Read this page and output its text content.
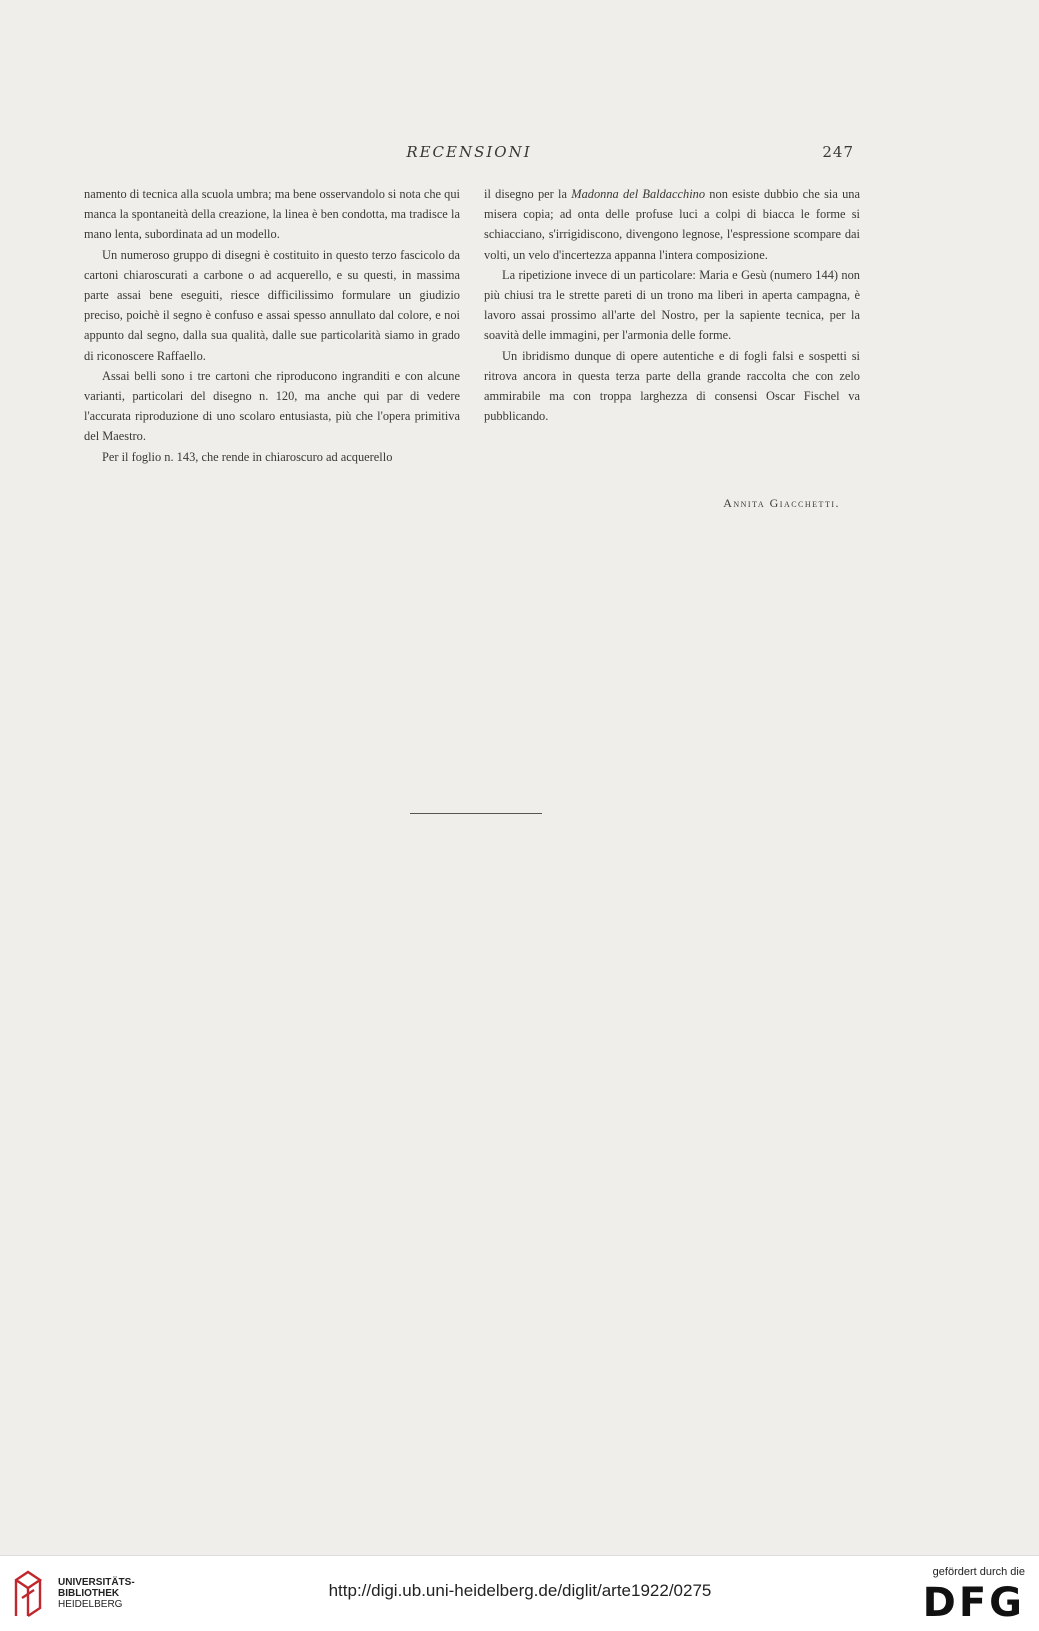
RECENSIONI	247

namento di tecnica alla scuola umbra; ma bene osservandolo si nota che qui manca la spontaneità della creazione, la linea è ben condotta, ma tradisce la mano lenta, subordinata ad un modello.

Un numeroso gruppo di disegni è costituito in questo terzo fascicolo da cartoni chiaroscurati a carbone o ad acquerello, e su questi, in massima parte assai bene eseguiti, riesce difficilissimo formulare un giudizio preciso, poichè il segno è confuso e assai spesso annullato dal colore, e noi appunto dal segno, dalla sua qualità, dalle sue particolarità siamo in grado di riconoscere Raffaello.

Assai belli sono i tre cartoni che riproducono ingranditi e con alcune varianti, particolari del disegno n. 120, ma anche qui par di vedere l'accurata riproduzione di uno scolaro entusiasta, più che l'opera primitiva del Maestro.

Per il foglio n. 143, che rende in chiaroscuro ad acquerello

il disegno per la Madonna del Baldacchino non esiste dubbio che sia una misera copia; ad onta delle profuse luci a colpi di biacca le forme si schiacciano, s'irrigidiscono, divengono legnose, l'espressione scompare dai volti, un velo d'incertezza appanna l'intera composizione.

La ripetizione invece di un particolare: Maria e Gesù (numero 144) non più chiusi tra le strette pareti di un trono ma liberi in aperta campagna, è lavoro assai prossimo all'arte del Nostro, per la sapiente tecnica, per la soavità delle immagini, per l'armonia delle forme.

Un ibridismo dunque di opere autentiche e di fogli falsi e sospetti si ritrova ancora in questa terza parte della grande raccolta che con zelo ammirabile ma con troppa larghezza di consensi Oscar Fischel va pubblicando.

Annita Giacchetti.
UNIVERSITÄTS-
BIBLIOTHEK
HEIDELBERG
http://digi.ub.uni-heidelberg.de/diglit/arte1922/0275
gefördert durch die
DFG
